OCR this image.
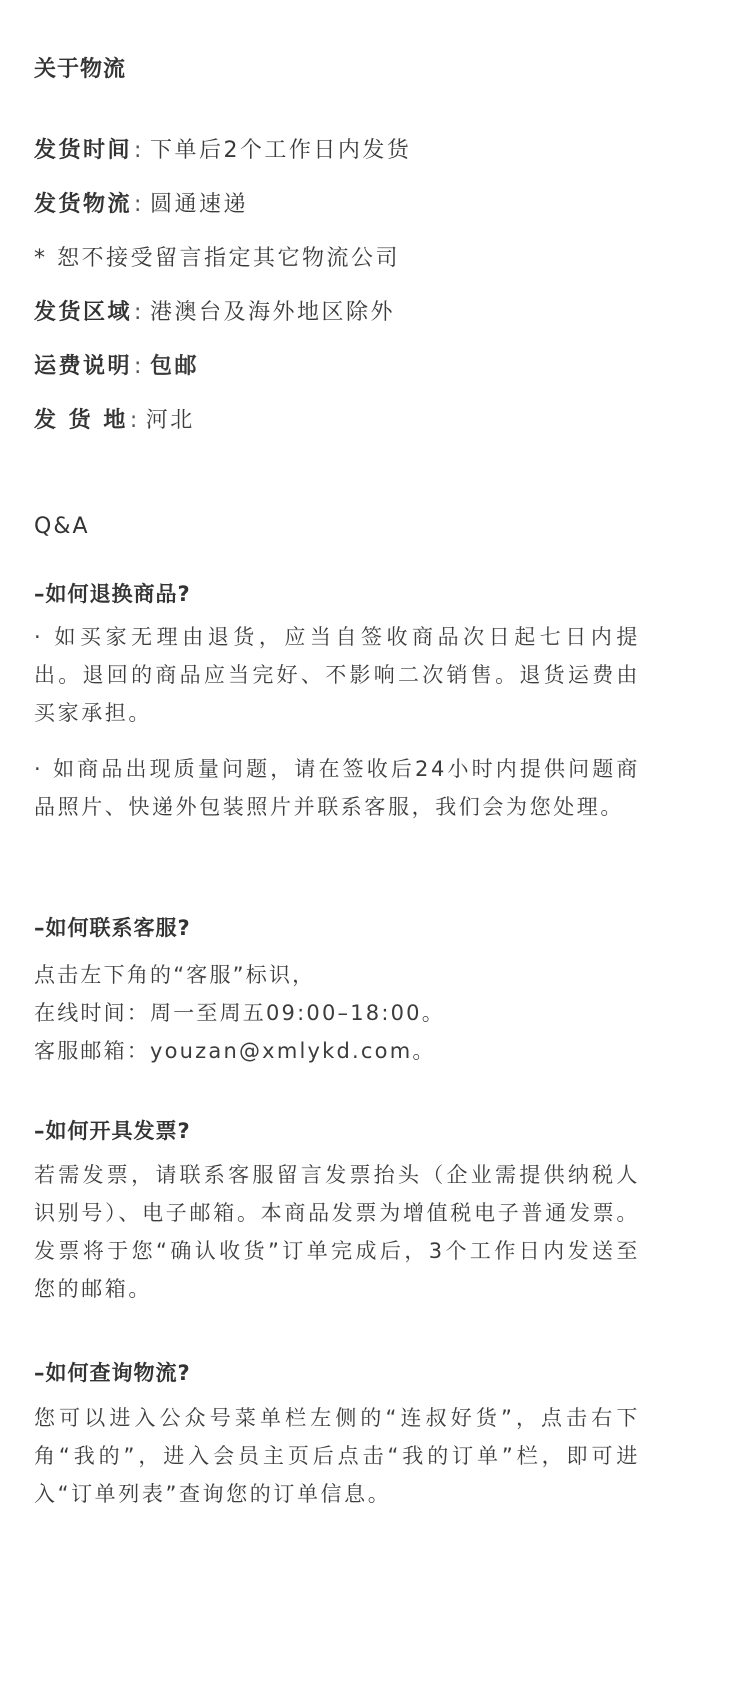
关于物流
发货时间: 下单后2个工作日内发货
发货物流: 圆通速递
* 恕不接受留言指定其它物流公司
发货区域: 港澳台及海外地区除外
运费说明: 包邮
发 货 地: 河北
Q&A
–如何退换商品?

· 如买家无理由退货，应当自签收商品次日起七日内提出。退回的商品应当完好、不影响二次销售。退货运费由买家承担。

· 如商品出现质量问题，请在签收后24小时内提供问题商品照片、快递外包装照片并联系客服，我们会为您处理。

–如何联系客服?
点击左下角的“客服”标识，
在线时间：周一至周五09:00–18:00。
客服邮箱：youzan@xmlykd.com。
–如何开具发票?

若需发票，请联系客服留言发票抬头（企业需提供纳税人识别号）、电子邮箱。本商品发票为增值税电子普通发票。发票将于您“确认收货”订单完成后，3个工作日内发送至您的邮箱。

–如何查询物流?

您可以进入公众号菜单栏左侧的“连叔好货”，点击右下角“我的”，进入会员主页后点击“我的订单”栏，即可进入“订单列表”查询您的订单信息。
